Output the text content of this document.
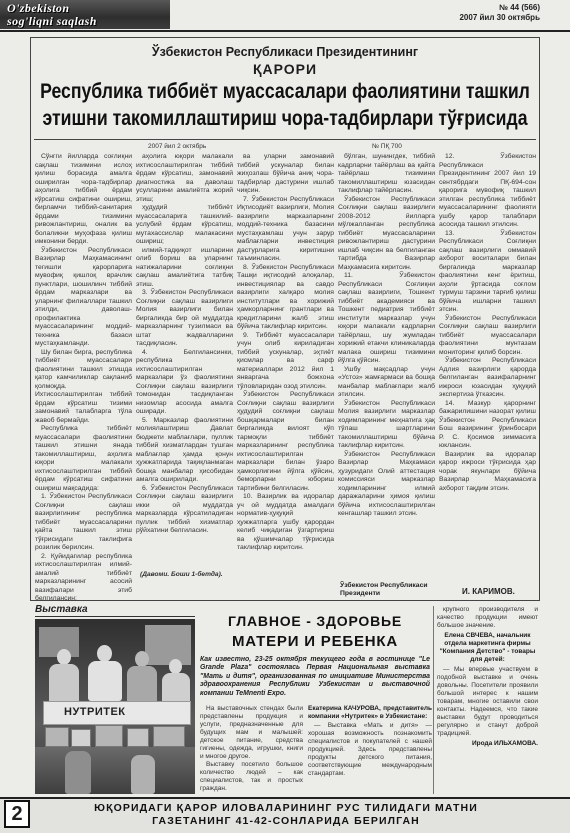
O'zbekiston
sog'liqni saqlash
№ 44 (566)
2007 йил 30 октябрь
Ўзбекистон Республикаси Президентининг
ҚАРОРИ
Республика тиббиёт муассасалари фаолиятини ташкил
этишни такомиллаштириш чора-тадбирлари тўғрисида
2007 йил 2 октябрь	№ ПҚ 700

Сўнгги йилларда соғлиқни сақлаш тизимини ислоҳ қилиш борасида амалга оширилган чора-тадбирлар аҳолига тиббий ёрдам кўрсатиш сифатини ошириш, бирламчи тиббий-санитария ёрдами тизимини ривожлантириш, оналик ва болаликни муҳофаза қилиш имконини берди.

Ўзбекистон Республикаси Вазирлар Маҳкамасининг тегишли қарорларига мувофиқ қишлоқ врачлик пунктлари, шошилинч тиббий ёрдам марказлари ва уларнинг филиаллари ташкил этилди, даволаш-профилактика муассасаларининг моддий-техника базаси мустаҳкамланди.

Шу билан бирга, республика тиббиёт муассасалари фаолиятини ташкил этишда қатор камчиликлар сақланиб қолмоқда. Ихтисослаштирилган тиббий ёрдам кўрсатиш тизими замонавий талабларга тўла жавоб бермайди.

Республика тиббиёт муассасалари фаолиятини ташкил этишни янада такомиллаштириш, аҳолига юқори малакали ихтисослаштирилган тиббий ёрдам кўрсатиш сифатини ошириш мақсадида:

1. Ўзбекистон Республикаси Соғлиқни сақлаш вазирлигининг республика тиббиёт муассасаларини қайта ташкил этиш тўғрисидаги таклифига розилик берилсин.

2. Қуйидагилар республика ихтисослаштирилган илмий-амалий тиббиёт марказларининг асосий вазифалари этиб белгилансин:

аҳолига юқори малакали ихтисослаштирилган тиббий ёрдам кўрсатиш, замонавий диагностика ва даволаш усулларини амалиётга жорий этиш;

ҳудудий тиббиёт муассасаларига ташкилий-услубий ёрдам кўрсатиш, мутахассислар малакасини ошириш;

илмий-тадқиқот ишларини олиб бориш ва уларнинг натижаларини соғлиқни сақлаш амалиётига татбиқ этиш.

3. Ўзбекистон Республикаси Соғлиқни сақлаш вазирлиги Молия вазирлиги билан биргаликда бир ой муддатда марказларнинг тузилмаси ва штат жадвалларини тасдиқласин.

4. Белгилансинки, республика ихтисослаштирилган марказлари ўз фаолиятини Соғлиқни сақлаш вазирлиги томонидан тасдиқланган низомлар асосида амалга оширади.

5. Марказлар фаолиятини молиялаштириш Давлат бюджети маблағлари, пуллик тиббий хизматлардан тушган маблағлар ҳамда қонун ҳужжатларида тақиқланмаган бошқа манбалар ҳисобидан амалга оширилади.

6. Ўзбекистон Республикаси Соғлиқни сақлаш вазирлиги икки ой муддатда марказларда кўрсатиладиган пуллик тиббий хизматлар рўйхатини белгиласин.

ва уларни замонавий тиббий ускуналар билан жиҳозлаш бўйича аниқ чора-тадбирлар дастурини ишлаб чиқсин.

7. Ўзбекистон Республикаси Иқтисодиёт вазирлиги, Молия вазирлиги марказларнинг моддий-техника базасини мустаҳкамлаш учун зарур маблағларни инвестиция дастурларига киритишни таъминласин.

8. Ўзбекистон Республикаси Ташқи иқтисодий алоқалар, инвестициялар ва савдо вазирлиги халқаро молия институтлари ва хорижий ҳамкорларнинг грантлари ва кредитларини жалб этиш бўйича таклифлар киритсин.

9. Тиббиёт муассасалари учун олиб кириладиган тиббий ускуналар, эҳтиёт қисмлар ва сарф материаллари 2012 йил 1 январгача божхона тўловларидан озод этилсин.

Ўзбекистон Республикаси Соғлиқни сақлаш вазирлиги ҳудудий соғлиқни сақлаш бошқармалари билан биргаликда вилоят кўп тармоқли тиббиёт марказларининг республика ихтисослаштирилган марказлари билан ўзаро ҳамкорлигини йўлга қўйсин, беморларни юбориш тартибини белгиласин.

10. Вазирлик ва идоралар уч ой муддатда амалдаги норматив-ҳуқуқий ҳужжатларга ушбу қарордан келиб чиқадиган ўзгартириш ва қўшимчалар тўғрисида таклифлар киритсин.

бўлган, шунингдек, тиббий кадрларни тайёрлаш ва қайта тайёрлаш тизимини такомиллаштириш юзасидан таклифлар тайёрласин.

Ўзбекистон Республикаси Соғлиқни сақлаш вазирлиги 2008-2012 йилларга мўлжалланган республика тиббиёт муассасаларини ривожлантириш дастурини ишлаб чиқсин ва белгиланган тартибда Вазирлар Маҳкамасига киритсин.

11. Ўзбекистон Республикаси Соғлиқни сақлаш вазирлиги, Тошкент тиббиёт академияси ва Тошкент педиатрия тиббиёт институти марказлар учун юқори малакали кадрларни тайёрлаш, шу жумладан хорижий етакчи клиникаларда малака ошириш тизимини йўлга қўйсин.

Ушбу мақсадлар учун «Устоз» жамғармаси ва бошқа манбалар маблағлари жалб этилсин.

Ўзбекистон Республикаси Молия вазирлиги марказлар ходимларининг меҳнатига ҳақ тўлаш шартларини такомиллаштириш бўйича таклифлар киритсин.

Ўзбекистон Республикаси Вазирлар Маҳкамаси ҳузуридаги Олий аттестация комиссияси марказлар ходимларининг илмий даражаларини ҳимоя қилиш бўйича ихтисослаштирилган кенгашлар ташкил этсин.

12. Ўзбекистон Республикаси Президентининг 2007 йил 19 сентябрдаги ПҚ-694-сон қарорига мувофиқ ташкил этилган республика тиббиёт муассасаларининг фаолияти ушбу қарор талаблари асосида ташкил этилсин.

13. Ўзбекистон Республикаси Соғлиқни сақлаш вазирлиги оммавий ахборот воситалари билан биргаликда марказлар фаолиятини кенг ёритиш, аҳоли ўртасида соғлом турмуш тарзини тарғиб қилиш бўйича ишларни ташкил этсин.

Ўзбекистон Республикаси Соғлиқни сақлаш вазирлиги тиббиёт муассасалари фаолиятини мунтазам мониторинг қилиб борсин.

Ўзбекистон Республикаси Адлия вазирлиги қарорда белгиланган вазифаларнинг ижроси юзасидан ҳуқуқий экспертиза ўтказсин.

14. Мазкур қарорнинг бажарилишини назорат қилиш Ўзбекистон Республикаси Бош вазирининг ўринбосари Р. С. Қосимов зиммасига юклансин.

Вазирлик ва идоралар қарор ижроси тўғрисида ҳар чорак якунлари бўйича Вазирлар Маҳкамасига ахборот тақдим этсин.

(Давоми. Боши 1-бетда).
Ўзбекистон Республикаси Президенти	И. КАРИМОВ.
Выставка
НУТРИТЕК
ГЛАВНОЕ - ЗДОРОВЬЕ
МАТЕРИ И РЕБЕНКА
Как известно, 23-25 октября текущего года в гостинице "Le Grande Plaza" состоялась Первая Национальная выставка "Мать и дитя", организованная по инициативе Министерства здравоохранения Республики Узбекистан и выставочной компании TeMnenti Expo.

На выставочных стендах были представлены продукция и услуги, предназначенные для будущих мам и малышей: детское питание, средства гигиены, одежда, игрушки, книги и многое другое.

Выставку посетило большое количество людей – как специалистов, так и простых граждан.

Екатерина КАЧУРОВА, представитель компании «Нутритек» в Узбекистане:

— Выставка «Мать и дитя» — хорошая возможность познакомить специалистов и покупателей с нашей продукцией. Здесь представлены продукты детского питания, соответствующие международным стандартам.

крупного производителя и качество продукции имеют большое значение.

Елена СВЧЕВА, начальник отдела маркетинга фирмы "Компания Детство" - товары для детей:

— Мы впервые участвуем в подобной выставке и очень довольны. Посетители проявили большой интерес к нашим товарам, многие оставили свои контакты. Надеемся, что такие выставки будут проводиться регулярно и станут доброй традицией.

Ирода ИЛЬХАМОВА.
2	ЮҚОРИДАГИ ҚАРОР ИЛОВАЛАРИНИНГ РУС ТИЛИДАГИ МАТНИ
ГАЗЕТАНИНГ 41-42-СОНЛАРИДА БЕРИЛГАН
